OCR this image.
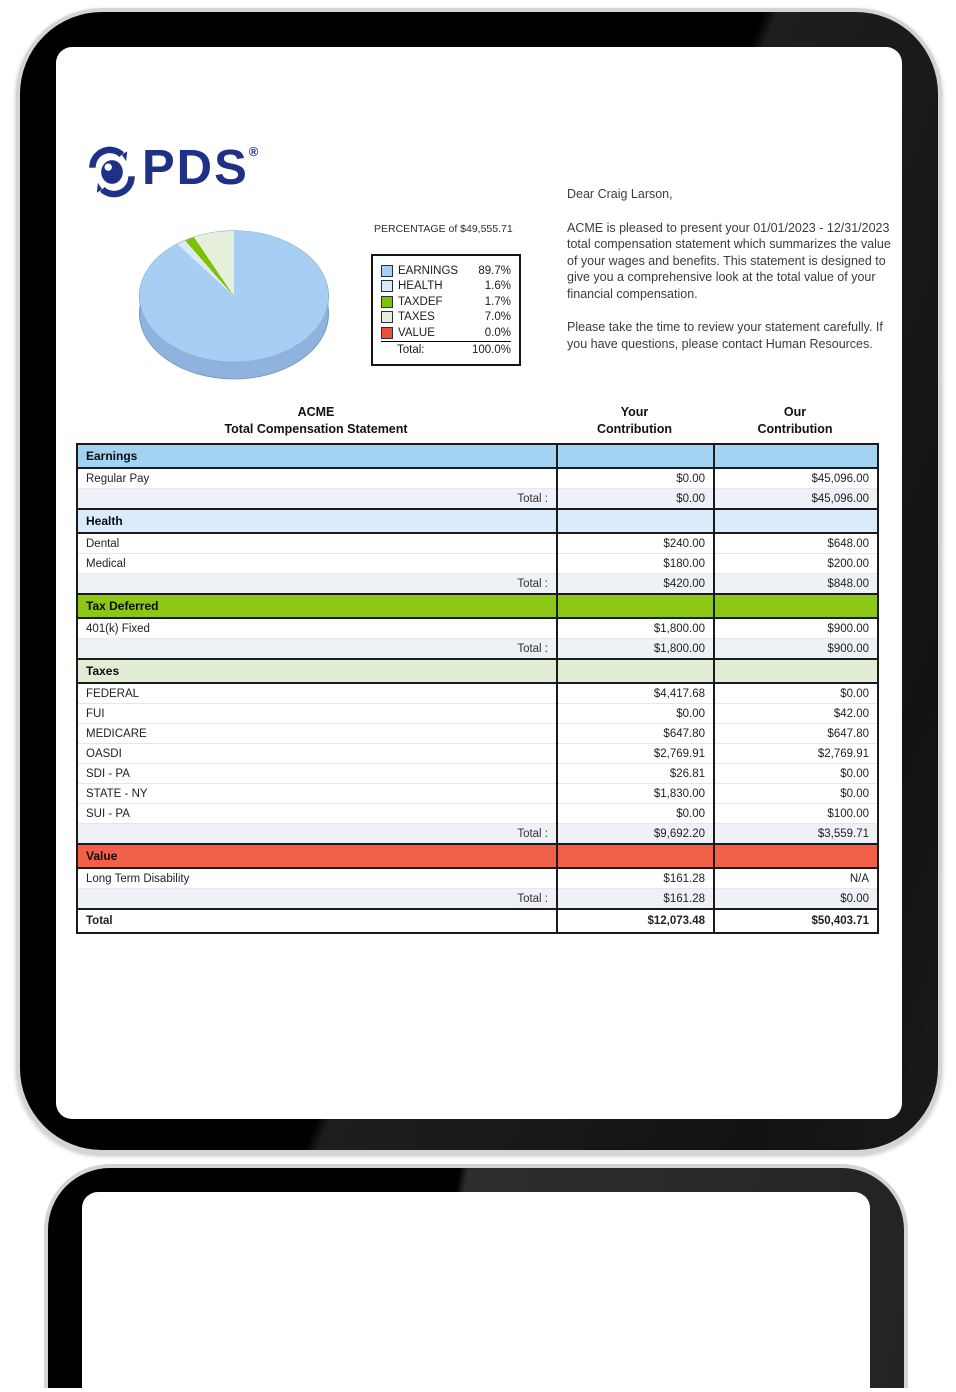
PDS ®
PERCENTAGE of $49,555.71
EARNINGS	89.7%
HEALTH	1.6%
TAXDEF	1.7%
TAXES	7.0%
VALUE	0.0%
Total:	100.0%

Dear Craig Larson,

ACME is pleased to present your 01/01/2023 - 12/31/2023 total compensation statement which summarizes the value of your wages and benefits. This statement is designed to give you a comprehensive look at the total value of your financial compensation.

Please take the time to review your statement carefully. If you have questions, please contact Human Resources.

ACME
Total Compensation Statement
Your
Contribution
Our
Contribution
Earnings		
Regular Pay	$0.00	$45,096.00
Total :	$0.00	$45,096.00
Health		
Dental	$240.00	$648.00
Medical	$180.00	$200.00
Total :	$420.00	$848.00
Tax Deferred		
401(k) Fixed	$1,800.00	$900.00
Total :	$1,800.00	$900.00
Taxes		
FEDERAL	$4,417.68	$0.00
FUI	$0.00	$42.00
MEDICARE	$647.80	$647.80
OASDI	$2,769.91	$2,769.91
SDI - PA	$26.81	$0.00
STATE - NY	$1,830.00	$0.00
SUI - PA	$0.00	$100.00
Total :	$9,692.20	$3,559.71
Value		
Long Term Disability	$161.28	N/A
Total :	$161.28	$0.00
Total	$12,073.48	$50,403.71
